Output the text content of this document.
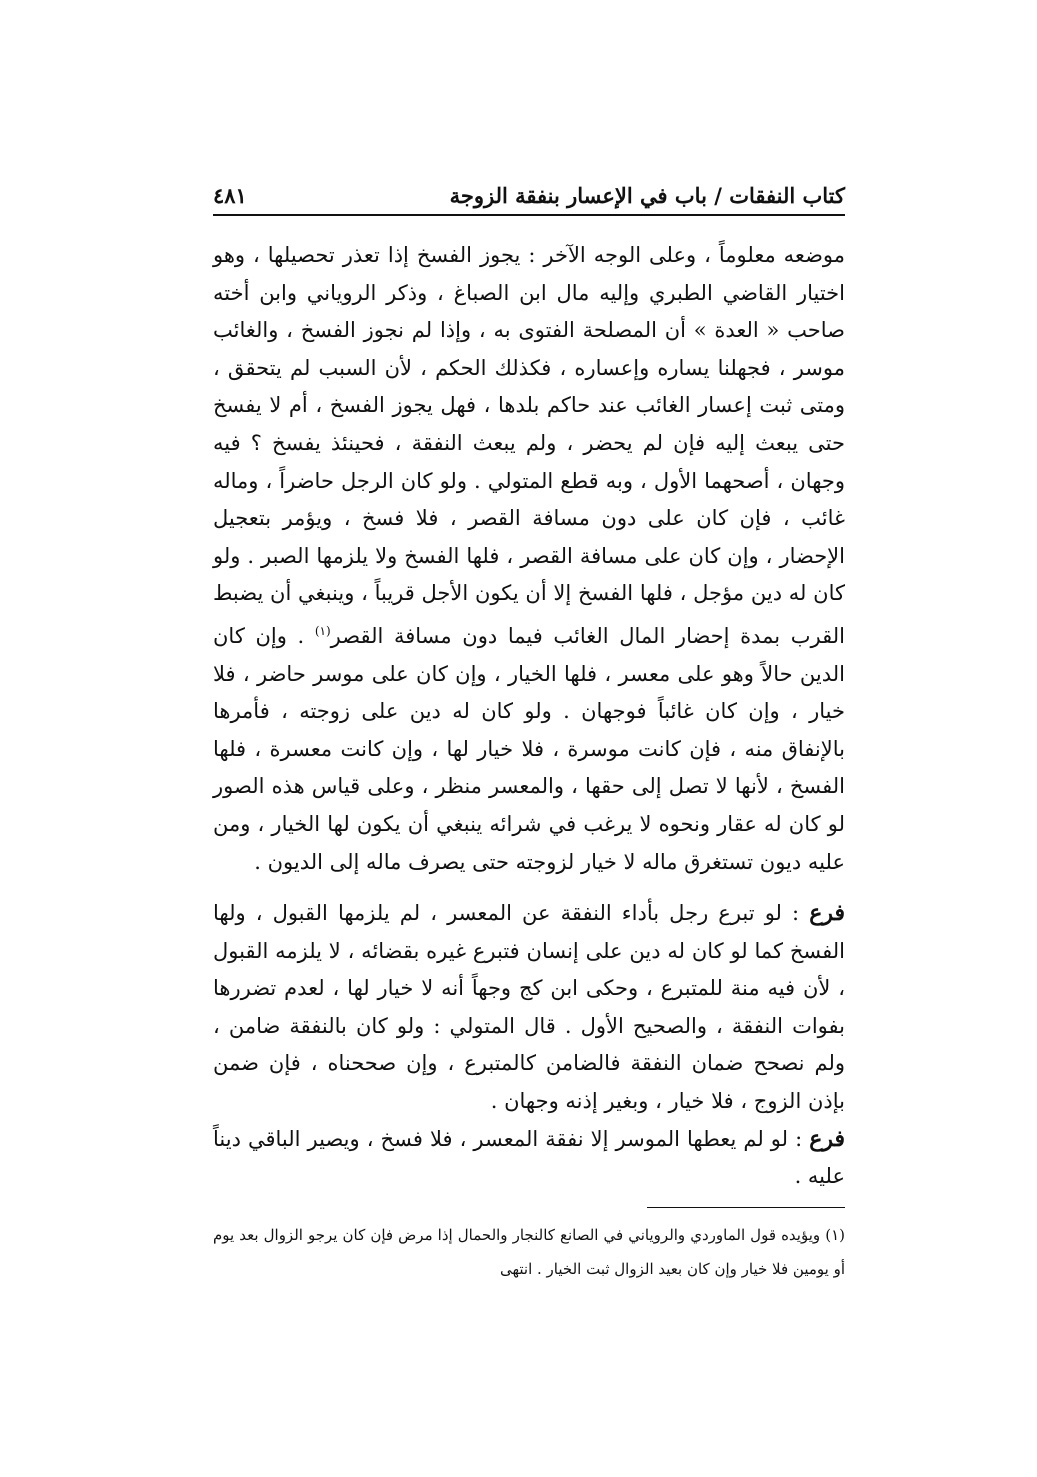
كتاب النفقات / باب في الإعسار بنفقة الزوجة
٤٨١

موضعه معلوماً ، وعلى الوجه الآخر : يجوز الفسخ إذا تعذر تحصيلها ، وهو اختيار القاضي الطبري وإليه مال ابن الصباغ ، وذكر الروياني وابن أخته صاحب « العدة » أن المصلحة الفتوى به ، وإذا لم نجوز الفسخ ، والغائب موسر ، فجهلنا يساره وإعساره ، فكذلك الحكم ، لأن السبب لم يتحقق ، ومتى ثبت إعسار الغائب عند حاكم بلدها ، فهل يجوز الفسخ ، أم لا يفسخ حتى يبعث إليه فإن لم يحضر ، ولم يبعث النفقة ، فحينئذ يفسخ ؟ فيه وجهان ، أصحهما الأول ، وبه قطع المتولي . ولو كان الرجل حاضراً ، وماله غائب ، فإن كان على دون مسافة القصر ، فلا فسخ ، ويؤمر بتعجيل الإحضار ، وإن كان على مسافة القصر ، فلها الفسخ ولا يلزمها الصبر . ولو كان له دين مؤجل ، فلها الفسخ إلا أن يكون الأجل قريباً ، وينبغي أن يضبط القرب بمدة إحضار المال الغائب فيما دون مسافة القصر$^{(١)}$ . وإن كان الدين حالاً وهو على معسر ، فلها الخيار ، وإن كان على موسر حاضر ، فلا خيار ، وإن كان غائباً فوجهان . ولو كان له دين على زوجته ، فأمرها بالإنفاق منه ، فإن كانت موسرة ، فلا خيار لها ، وإن كانت معسرة ، فلها الفسخ ، لأنها لا تصل إلى حقها ، والمعسر منظر ، وعلى قياس هذه الصور لو كان له عقار ونحوه لا يرغب في شرائه ينبغي أن يكون لها الخيار ، ومن عليه ديون تستغرق ماله لا خيار لزوجته حتى يصرف ماله إلى الديون .

فرع : لو تبرع رجل بأداء النفقة عن المعسر ، لم يلزمها القبول ، ولها الفسخ كما لو كان له دين على إنسان فتبرع غيره بقضائه ، لا يلزمه القبول ، لأن فيه منة للمتبرع ، وحكى ابن كج وجهاً أنه لا خيار لها ، لعدم تضررها بفوات النفقة ، والصحيح الأول . قال المتولي : ولو كان بالنفقة ضامن ، ولم نصحح ضمان النفقة فالضامن كالمتبرع ، وإن صححناه ، فإن ضمن بإذن الزوج ، فلا خيار ، وبغير إذنه وجهان .

فرع : لو لم يعطها الموسر إلا نفقة المعسر ، فلا فسخ ، ويصير الباقي ديناً عليه .

(١) ويؤيده قول الماوردي والروياني في الصانع كالنجار والحمال إذا مرض فإن كان يرجو الزوال بعد يوم أو يومين فلا خيار وإن كان بعيد الزوال ثبت الخيار . انتهى
